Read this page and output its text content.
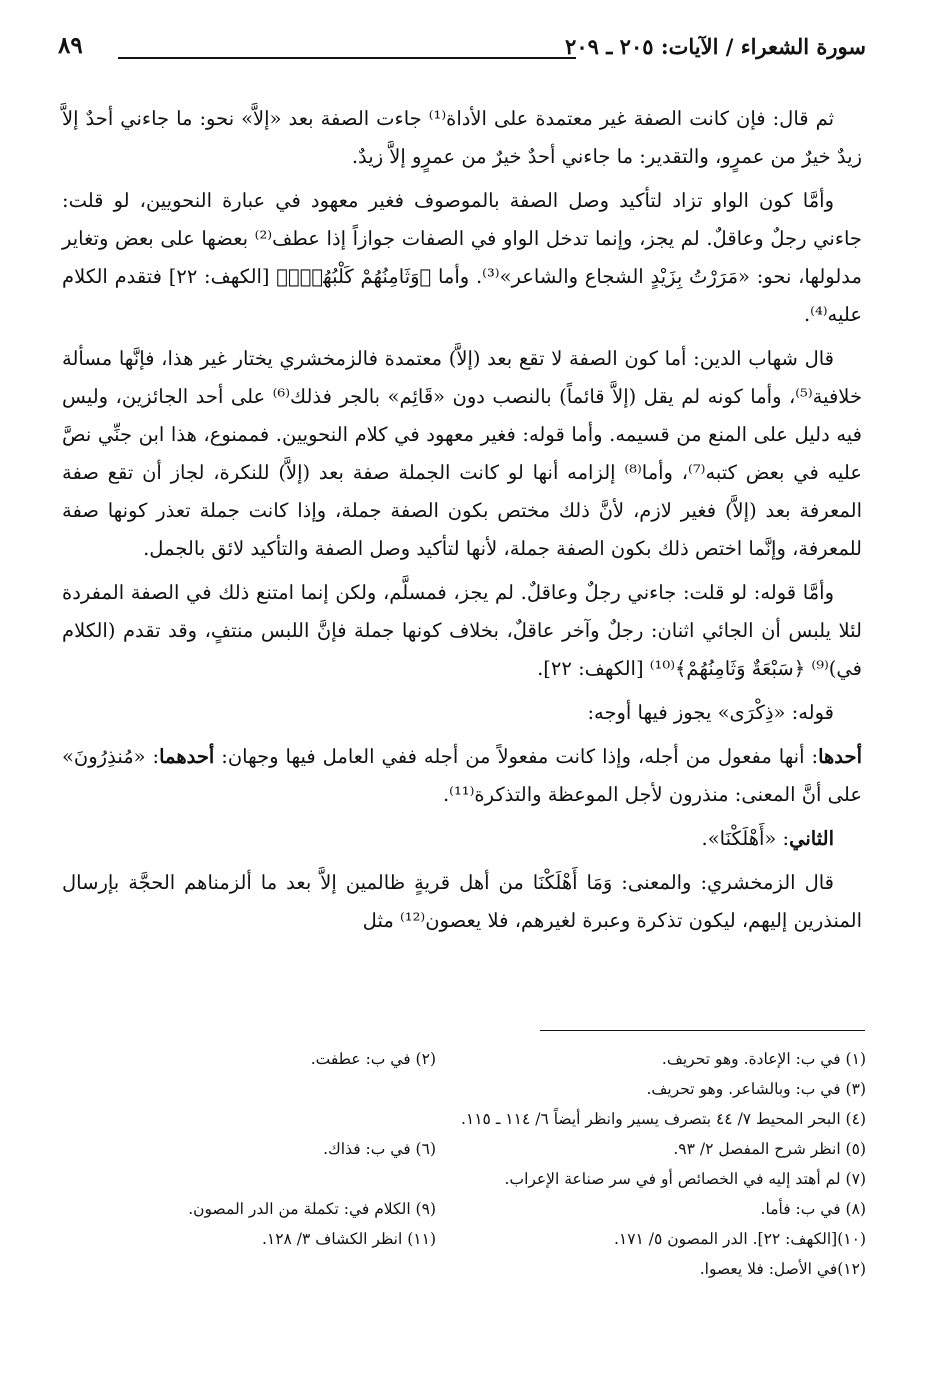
سورة الشعراء / الآيات: ٢٠٥ ـ ٢٠٩
٨٩

ثم قال: فإن كانت الصفة غير معتمدة على الأداة⁽¹⁾ جاءت الصفة بعد «إلاَّ» نحو: ما جاءني أحدٌ إلاَّ زيدٌ خيرٌ من عمرٍو، والتقدير: ما جاءني أحدٌ خيرٌ من عمرٍو إلاَّ زيدٌ.

وأمَّا كون الواو تزاد لتأكيد وصل الصفة بالموصوف فغير معهود في عبارة النحويين، لو قلت: جاءني رجلٌ وعاقلٌ. لم يجز، وإنما تدخل الواو في الصفات جوازاً إذا عطف⁽²⁾ بعضها على بعض وتغاير مدلولها، نحو: «مَرَرْتُ بِزَيْدٍ الشجاع والشاعر»⁽³⁾. وأما ﴿وَثَامِنُهُمْ كَلْبُهُمْۚ﴾ [الكهف: ٢٢] فتقدم الكلام عليه⁽⁴⁾.

قال شهاب الدين: أما كون الصفة لا تقع بعد (إلاَّ) معتمدة فالزمخشري يختار غير هذا، فإنَّها مسألة خلافية⁽⁵⁾، وأما كونه لم يقل (إلاَّ قائماً) بالنصب دون «قَائِم» بالجر فذلك⁽⁶⁾ على أحد الجائزين، وليس فيه دليل على المنع من قسيمه. وأما قوله: فغير معهود في كلام النحويين. فممنوع، هذا ابن جنِّي نصَّ عليه في بعض كتبه⁽⁷⁾، وأما⁽⁸⁾ إلزامه أنها لو كانت الجملة صفة بعد (إلاَّ) للنكرة، لجاز أن تقع صفة المعرفة بعد (إلاَّ) فغير لازم، لأنَّ ذلك مختص بكون الصفة جملة، وإذا كانت جملة تعذر كونها صفة للمعرفة، وإنَّما اختص ذلك بكون الصفة جملة، لأنها لتأكيد وصل الصفة والتأكيد لائق بالجمل.

وأمَّا قوله: لو قلت: جاءني رجلٌ وعاقلٌ. لم يجز، فمسلَّم، ولكن إنما امتنع ذلك في الصفة المفردة لئلا يلبس أن الجائي اثنان: رجلٌ وآخر عاقلٌ، بخلاف كونها جملة فإنَّ اللبس منتفٍ، وقد تقدم (الكلام في)⁽⁹⁾ ﴿سَبْعَةٌ وَثَامِنُهُمْ﴾⁽¹⁰⁾ [الكهف: ٢٢].

قوله: «ذِكْرَى» يجوز فيها أوجه:

أحدها: أنها مفعول من أجله، وإذا كانت مفعولاً من أجله ففي العامل فيها وجهان: أحدهما: «مُنذِرُونَ» على أنَّ المعنى: منذرون لأجل الموعظة والتذكرة⁽¹¹⁾.

الثاني: «أَهْلَكْنَا».

قال الزمخشري: والمعنى: وَمَا أَهْلَكْنَا من أهل قريةٍ ظالمين إلاَّ بعد ما ألزمناهم الحجَّة بإرسال المنذرين إليهم، ليكون تذكرة وعبرة لغيرهم، فلا يعصون⁽¹²⁾ مثل

(١) في ب: الإعادة. وهو تحريف.
(٢) في ب: عطفت.
(٣) في ب: وبالشاعر. وهو تحريف.
(٤) البحر المحيط ٧/ ٤٤ بتصرف يسير وانظر أيضاً ٦/ ١١٤ ـ ١١٥.
(٥) انظر شرح المفصل ٢/ ٩٣.
(٦) في ب: فذاك.
(٧) لم أهتد إليه في الخصائص أو في سر صناعة الإعراب.
(٨) في ب: فأما.
(٩) الكلام في: تكملة من الدر المصون.
(١٠)[الكهف: ٢٢]. الدر المصون ٥/ ١٧١.
(١١) انظر الكشاف ٣/ ١٢٨.
(١٢)في الأصل: فلا يعصوا.
